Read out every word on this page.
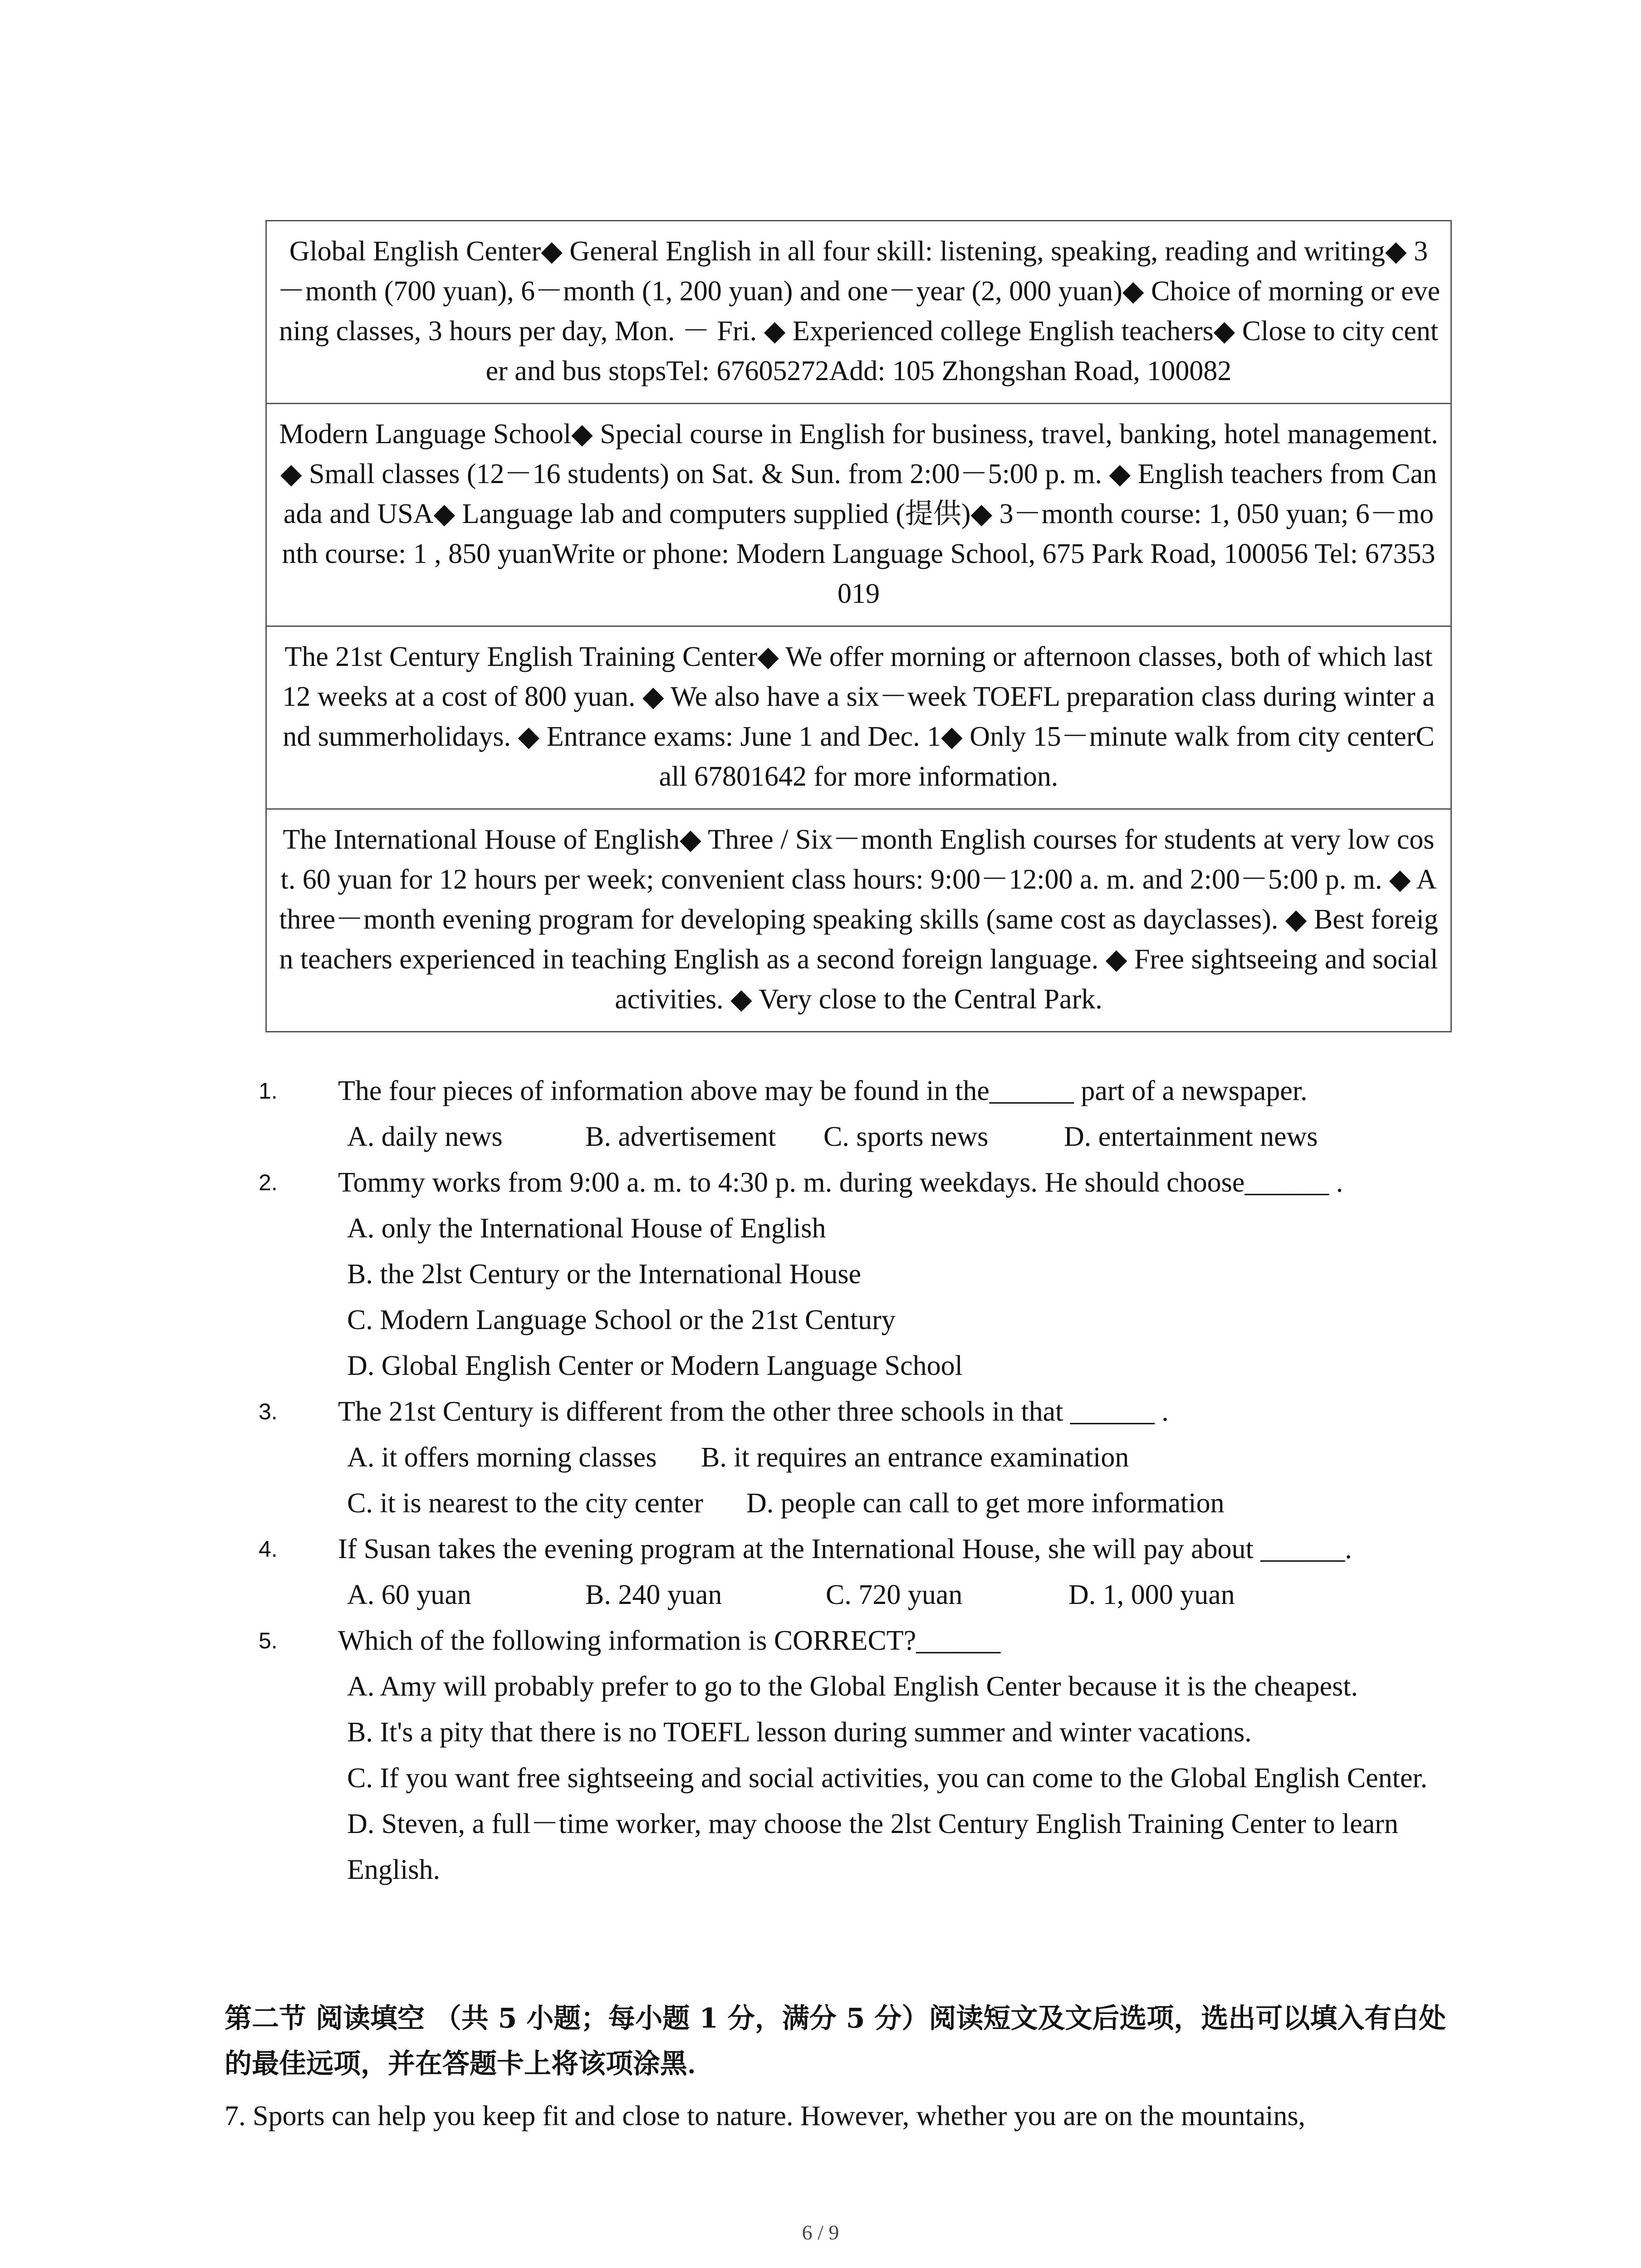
Global English Center◆ General English in all four skill: listening, speaking, reading and writing◆ 3－month (700 yuan), 6－month (1, 200 yuan) and one－year (2, 000 yuan)◆ Choice of morning or evening classes, 3 hours per day, Mon. － Fri. ◆ Experienced college English teachers◆ Close to city center and bus stopsTel: 67605272Add: 105 Zhongshan Road, 100082
Modern Language School◆ Special course in English for business, travel, banking, hotel management. ◆ Small classes (12－16 students) on Sat. & Sun. from 2:00－5:00 p. m. ◆ English teachers from Canada and USA◆ Language lab and computers supplied (提供)◆ 3－month course: 1, 050 yuan; 6－month course: 1 , 850 yuanWrite or phone: Modern Language School, 675 Park Road, 100056 Tel: 67353019
The 21st Century English Training Center◆ We offer morning or afternoon classes, both of which last 12 weeks at a cost of 800 yuan. ◆ We also have a six－week TOEFL preparation class during winter and summerholidays. ◆ Entrance exams: June 1 and Dec. 1◆ Only 15－minute walk from city centerCall 67801642 for more information.
The International House of English◆ Three / Six－month English courses for students at very low cost. 60 yuan for 12 hours per week; convenient class hours: 9:00－12:00 a. m. and 2:00－5:00 p. m. ◆ A three－month evening program for developing speaking skills (same cost as dayclasses). ◆ Best foreign teachers experienced in teaching English as a second foreign language. ◆ Free sightseeing and social activities. ◆ Very close to the Central Park.
1.	The four pieces of information above may be found in the______ part of a newspaper.
A. daily news	B. advertisement	C. sports news	D. entertainment news
2.	Tommy works from 9:00 a. m. to 4:30 p. m. during weekdays. He should choose______ .
A. only the International House of English
B. the 2lst Century or the International House
C. Modern Language School or the 21st Century
D. Global English Center or Modern Language School
3.	The 21st Century is different from the other three schools in that ______ .
A. it offers morning classes	B. it requires an entrance examination
C. it is nearest to the city center	D. people can call to get more information
4.	If Susan takes the evening program at the International House, she will pay about ______.
A. 60 yuan	B. 240 yuan	C. 720 yuan	D. 1, 000 yuan
5.	Which of the following information is CORRECT?______
A. Amy will probably prefer to go to the Global English Center because it is the cheapest.
B. It's a pity that there is no TOEFL lesson during summer and winter vacations.
C. If you want free sightseeing and social activities, you can come to the Global English Center.
D. Steven, a full－time worker, may choose the 2lst Century English Training Center to learn English.
第二节 阅读填空 （共 5 小题；每小题 1 分，满分 5 分）阅读短文及文后选项，选出可以填入有白处的最佳远项，并在答题卡上将该项涂黑．
7. Sports can help you keep fit and close to nature. However, whether you are on the mountains,
6 / 9
